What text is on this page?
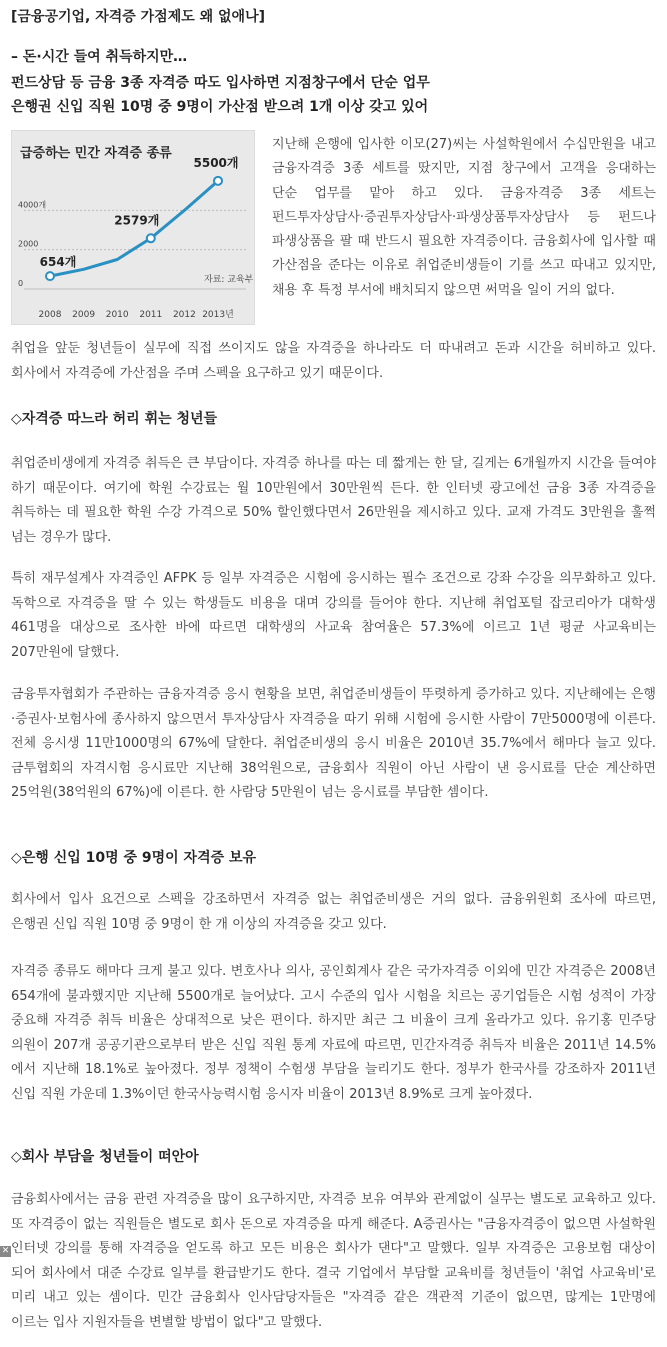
[금융공기업, 자격증 가점제도 왜 없애나]
– 돈·시간 들여 취득하지만…
펀드상담 등 금융 3종 자격증 따도 입사하면 지점창구에서 단순 업무
은행권 신입 직원 10명 중 9명이 가산점 받으려 1개 이상 갖고 있어
급증하는 민간 자격증 종류
자료: 교육부
0
2000
4000개
2008 2009 2010 2011 2012 2013년
654개
2579개
5500개

지난해 은행에 입사한 이모(27)씨는 사설학원에서 수십만원을 내고 금융자격증 3종 세트를 땄지만, 지점 창구에서 고객을 응대하는 단순 업무를 맡아 하고 있다. 금융자격증 3종 세트는 펀드투자상담사·증권투자상담사·파생상품투자상담사 등 펀드나 파생상품을 팔 때 반드시 필요한 자격증이다. 금융회사에 입사할 때 가산점을 준다는 이유로 취업준비생들이 기를 쓰고 따내고 있지만, 채용 후 특정 부서에 배치되지 않으면 써먹을 일이 거의 없다.

취업을 앞둔 청년들이 실무에 직접 쓰이지도 않을 자격증을 하나라도 더 따내려고 돈과 시간을 허비하고 있다. 회사에서 자격증에 가산점을 주며 스펙을 요구하고 있기 때문이다.

◇자격증 따느라 허리 휘는 청년들

취업준비생에게 자격증 취득은 큰 부담이다. 자격증 하나를 따는 데 짧게는 한 달, 길게는 6개월까지 시간을 들여야 하기 때문이다. 여기에 학원 수강료는 월 10만원에서 30만원씩 든다. 한 인터넷 광고에선 금융 3종 자격증을 취득하는 데 필요한 학원 수강 가격으로 50% 할인했다면서 26만원을 제시하고 있다. 교재 가격도 3만원을 훌쩍 넘는 경우가 많다.

특히 재무설계사 자격증인 AFPK 등 일부 자격증은 시험에 응시하는 필수 조건으로 강좌 수강을 의무화하고 있다. 독학으로 자격증을 딸 수 있는 학생들도 비용을 대며 강의를 들어야 한다. 지난해 취업포털 잡코리아가 대학생 461명을 대상으로 조사한 바에 따르면 대학생의 사교육 참여율은 57.3%에 이르고 1년 평균 사교육비는 207만원에 달했다.

금융투자협회가 주관하는 금융자격증 응시 현황을 보면, 취업준비생들이 뚜렷하게 증가하고 있다. 지난해에는 은행·증권사·보험사에 종사하지 않으면서 투자상담사 자격증을 따기 위해 시험에 응시한 사람이 7만5000명에 이른다. 전체 응시생 11만1000명의 67%에 달한다. 취업준비생의 응시 비율은 2010년 35.7%에서 해마다 늘고 있다. 금투협회의 자격시험 응시료만 지난해 38억원으로, 금융회사 직원이 아닌 사람이 낸 응시료를 단순 계산하면 25억원(38억원의 67%)에 이른다. 한 사람당 5만원이 넘는 응시료를 부담한 셈이다.

◇은행 신입 10명 중 9명이 자격증 보유

회사에서 입사 요건으로 스펙을 강조하면서 자격증 없는 취업준비생은 거의 없다. 금융위원회 조사에 따르면, 은행권 신입 직원 10명 중 9명이 한 개 이상의 자격증을 갖고 있다.

자격증 종류도 해마다 크게 불고 있다. 변호사나 의사, 공인회계사 같은 국가자격증 이외에 민간 자격증은 2008년 654개에 불과했지만 지난해 5500개로 늘어났다. 고시 수준의 입사 시험을 치르는 공기업들은 시험 성적이 가장 중요해 자격증 취득 비율은 상대적으로 낮은 편이다. 하지만 최근 그 비율이 크게 올라가고 있다. 유기홍 민주당 의원이 207개 공공기관으로부터 받은 신입 직원 통계 자료에 따르면, 민간자격증 취득자 비율은 2011년 14.5%에서 지난해 18.1%로 높아졌다. 정부 정책이 수험생 부담을 늘리기도 한다. 정부가 한국사를 강조하자 2011년 신입 직원 가운데 1.3%이던 한국사능력시험 응시자 비율이 2013년 8.9%로 크게 높아졌다.

◇회사 부담을 청년들이 떠안아

금융회사에서는 금융 관련 자격증을 많이 요구하지만, 자격증 보유 여부와 관계없이 실무는 별도로 교육하고 있다. 또 자격증이 없는 직원들은 별도로 회사 돈으로 자격증을 따게 해준다. A증권사는 "금융자격증이 없으면 사설학원 인터넷 강의를 통해 자격증을 얻도록 하고 모든 비용은 회사가 댄다"고 말했다. 일부 자격증은 고용보험 대상이 되어 회사에서 대준 수강료 일부를 환급받기도 한다. 결국 기업에서 부담할 교육비를 청년들이 '취업 사교육비'로 미리 내고 있는 셈이다. 민간 금융회사 인사담당자들은 "자격증 같은 객관적 기준이 없으면, 많게는 1만명에 이르는 입사 지원자들을 변별할 방법이 없다"고 말했다.

✕
